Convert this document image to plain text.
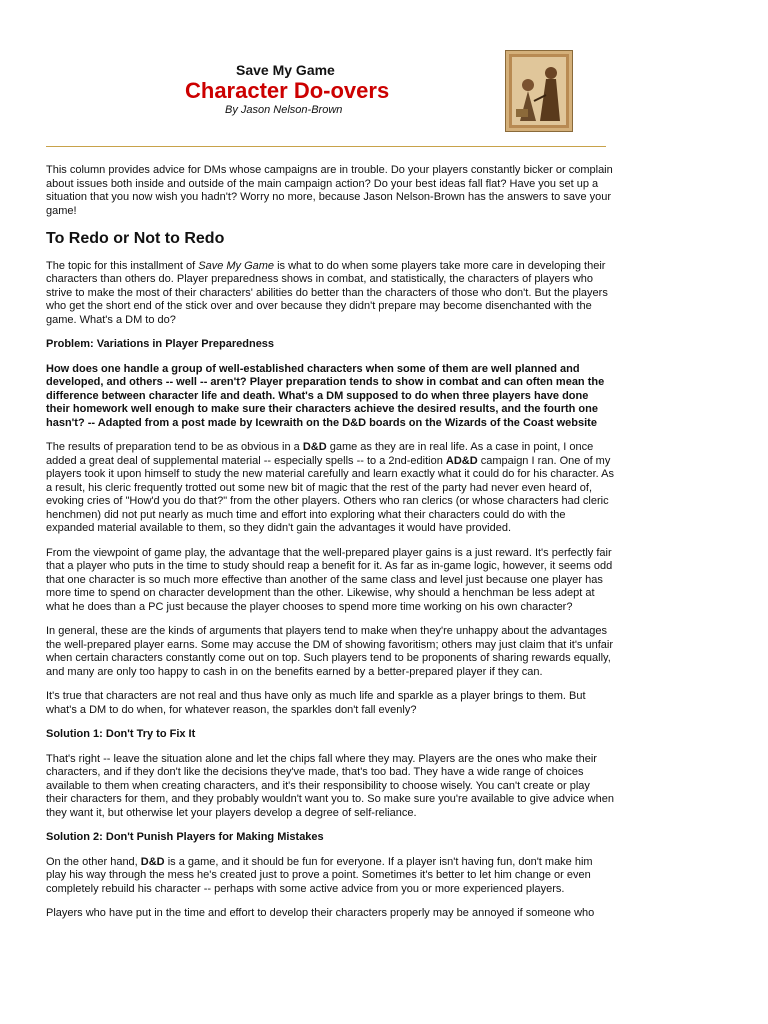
Save My Game
Character Do-overs
By Jason Nelson-Brown

This column provides advice for DMs whose campaigns are in trouble. Do your players constantly bicker or complain about issues both inside and outside of the main campaign action? Do your best ideas fall flat? Have you set up a situation that you now wish you hadn't? Worry no more, because Jason Nelson-Brown has the answers to save your game!

To Redo or Not to Redo

The topic for this installment of Save My Game is what to do when some players take more care in developing their characters than others do. Player preparedness shows in combat, and statistically, the characters of players who strive to make the most of their characters' abilities do better than the characters of those who don't. But the players who get the short end of the stick over and over because they didn't prepare may become disenchanted with the game. What's a DM to do?

Problem: Variations in Player Preparedness

How does one handle a group of well-established characters when some of them are well planned and developed, and others -- well -- aren't? Player preparation tends to show in combat and can often mean the difference between character life and death. What's a DM supposed to do when three players have done their homework well enough to make sure their characters achieve the desired results, and the fourth one hasn't? -- Adapted from a post made by Icewraith on the D&D boards on the Wizards of the Coast website

The results of preparation tend to be as obvious in a D&D game as they are in real life. As a case in point, I once added a great deal of supplemental material -- especially spells -- to a 2nd-edition AD&D campaign I ran. One of my players took it upon himself to study the new material carefully and learn exactly what it could do for his character. As a result, his cleric frequently trotted out some new bit of magic that the rest of the party had never even heard of, evoking cries of "How'd you do that?" from the other players. Others who ran clerics (or whose characters had cleric henchmen) did not put nearly as much time and effort into exploring what their characters could do with the expanded material available to them, so they didn't gain the advantages it would have provided.

From the viewpoint of game play, the advantage that the well-prepared player gains is a just reward. It's perfectly fair that a player who puts in the time to study should reap a benefit for it. As far as in-game logic, however, it seems odd that one character is so much more effective than another of the same class and level just because one player has more time to spend on character development than the other. Likewise, why should a henchman be less adept at what he does than a PC just because the player chooses to spend more time working on his own character?

In general, these are the kinds of arguments that players tend to make when they're unhappy about the advantages the well-prepared player earns. Some may accuse the DM of showing favoritism; others may just claim that it's unfair when certain characters constantly come out on top. Such players tend to be proponents of sharing rewards equally, and many are only too happy to cash in on the benefits earned by a better-prepared player if they can.

It's true that characters are not real and thus have only as much life and sparkle as a player brings to them. But what's a DM to do when, for whatever reason, the sparkles don't fall evenly?

Solution 1: Don't Try to Fix It

That's right -- leave the situation alone and let the chips fall where they may. Players are the ones who make their characters, and if they don't like the decisions they've made, that's too bad. They have a wide range of choices available to them when creating characters, and it's their responsibility to choose wisely. You can't create or play their characters for them, and they probably wouldn't want you to. So make sure you're available to give advice when they want it, but otherwise let your players develop a degree of self-reliance.

Solution 2: Don't Punish Players for Making Mistakes

On the other hand, D&D is a game, and it should be fun for everyone. If a player isn't having fun, don't make him play his way through the mess he's created just to prove a point. Sometimes it's better to let him change or even completely rebuild his character -- perhaps with some active advice from you or more experienced players.

Players who have put in the time and effort to develop their characters properly may be annoyed if someone who
